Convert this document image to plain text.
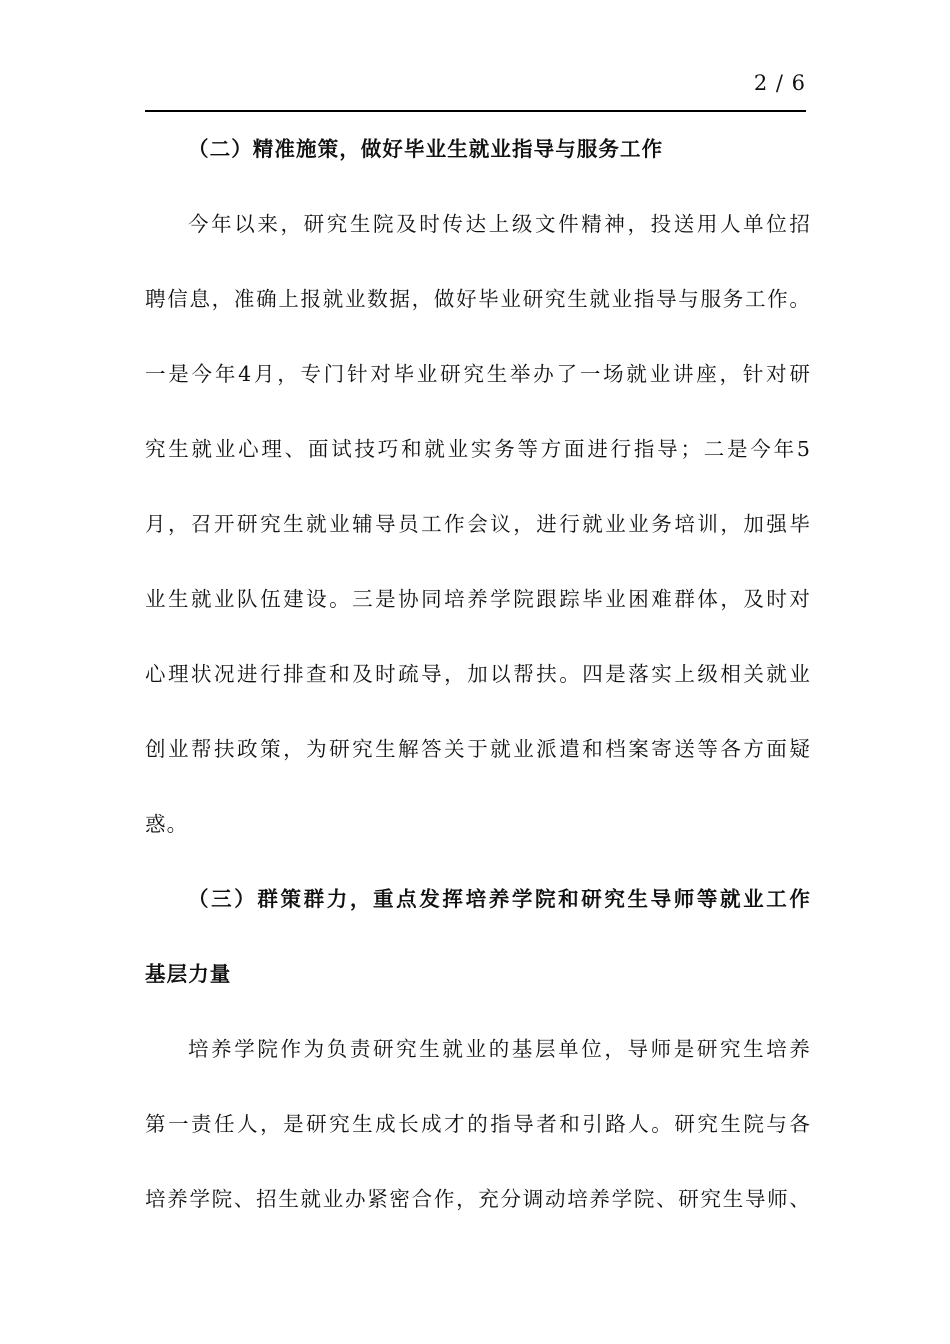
2 / 6
（二）精准施策，做好毕业生就业指导与服务工作
今年以来，研究生院及时传达上级文件精神，投送用人单位招
聘信息，准确上报就业数据，做好毕业研究生就业指导与服务工作。
一是今年4月，专门针对毕业研究生举办了一场就业讲座，针对研
究生就业心理、面试技巧和就业实务等方面进行指导；二是今年5
月，召开研究生就业辅导员工作会议，进行就业业务培训，加强毕
业生就业队伍建设。三是协同培养学院跟踪毕业困难群体，及时对
心理状况进行排查和及时疏导，加以帮扶。四是落实上级相关就业
创业帮扶政策，为研究生解答关于就业派遣和档案寄送等各方面疑
惑。
（三）群策群力，重点发挥培养学院和研究生导师等就业工作
基层力量
培养学院作为负责研究生就业的基层单位，导师是研究生培养
第一责任人，是研究生成长成才的指导者和引路人。研究生院与各
培养学院、招生就业办紧密合作，充分调动培养学院、研究生导师、
